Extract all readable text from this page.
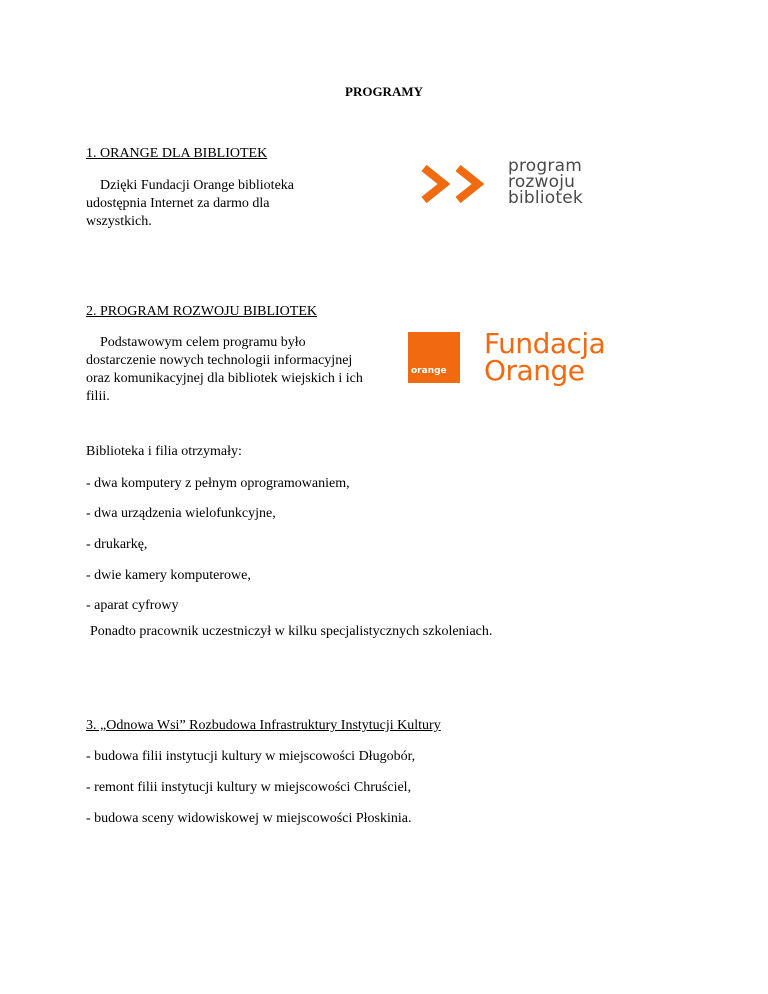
PROGRAMY
1. ORANGE DLA BIBLIOTEK
Dzięki Fundacji Orange biblioteka udostępnia Internet za darmo dla wszystkich.
program
rozwoju
bibliotek
2. PROGRAM ROZWOJU BIBLIOTEK
Podstawowym celem programu było dostarczenie nowych technologii informacyjnej oraz komunikacyjnej dla bibliotek wiejskich i ich filii.
orange
Fundacja
Orange
Biblioteka i filia otrzymały:
- dwa komputery z pełnym oprogramowaniem,
- dwa urządzenia wielofunkcyjne,
- drukarkę,
- dwie kamery komputerowe,
- aparat cyfrowy
Ponadto pracownik uczestniczył w kilku specjalistycznych szkoleniach.
3. „Odnowa Wsi” Rozbudowa Infrastruktury Instytucji Kultury
- budowa filii instytucji kultury w miejscowości Długobór,
- remont filii instytucji kultury w miejscowości Chruściel,
- budowa sceny widowiskowej w miejscowości Płoskinia.
